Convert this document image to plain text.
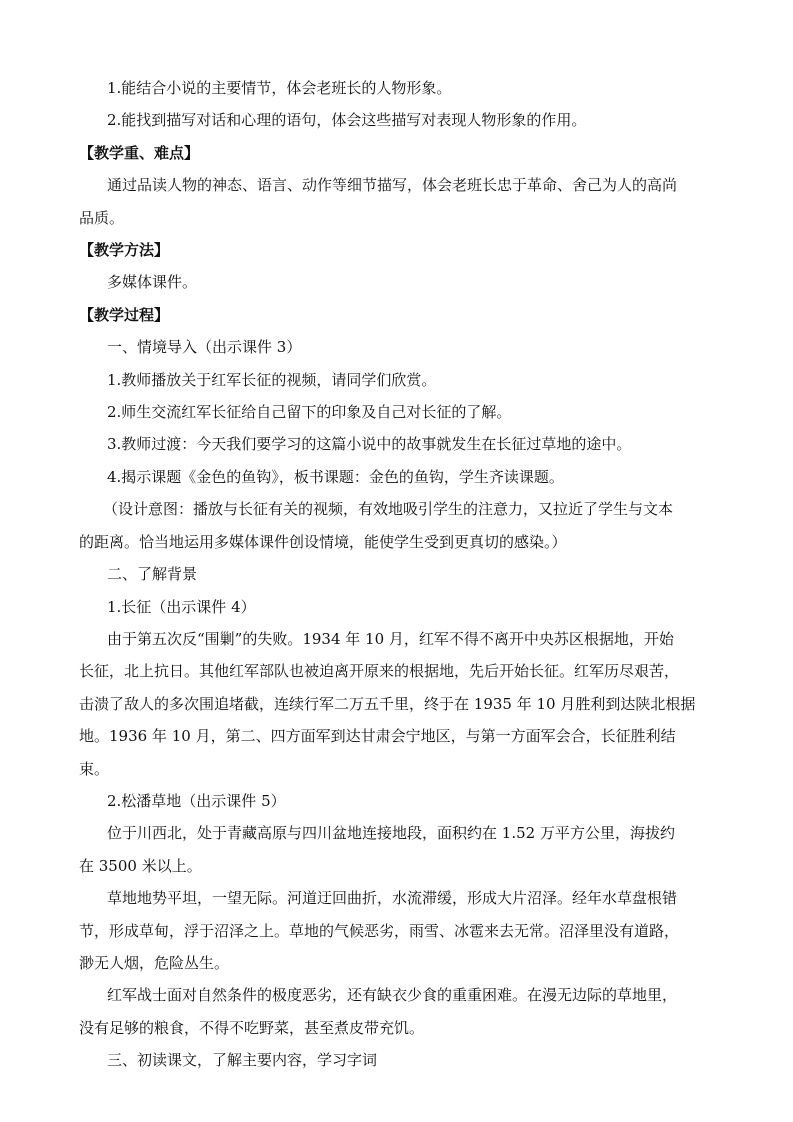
1.能结合小说的主要情节，体会老班长的人物形象。
2.能找到描写对话和心理的语句，体会这些描写对表现人物形象的作用。
【教学重、难点】
通过品读人物的神态、语言、动作等细节描写，体会老班长忠于革命、舍己为人的高尚
品质。
【教学方法】
多媒体课件。
【教学过程】
一、情境导入（出示课件 3）
1.教师播放关于红军长征的视频，请同学们欣赏。
2.师生交流红军长征给自己留下的印象及自己对长征的了解。
3.教师过渡：今天我们要学习的这篇小说中的故事就发生在长征过草地的途中。
4.揭示课题《金色的鱼钩》，板书课题：金色的鱼钩，学生齐读课题。
（设计意图：播放与长征有关的视频，有效地吸引学生的注意力，又拉近了学生与文本
的距离。恰当地运用多媒体课件创设情境，能使学生受到更真切的感染。）
二、了解背景
1.长征（出示课件 4）
由于第五次反“围剿”的失败。1934 年 10 月，红军不得不离开中央苏区根据地，开始
长征，北上抗日。其他红军部队也被迫离开原来的根据地，先后开始长征。红军历尽艰苦，
击溃了敌人的多次围追堵截，连续行军二万五千里，终于在 1935 年 10 月胜利到达陕北根据
地。1936 年 10 月，第二、四方面军到达甘肃会宁地区，与第一方面军会合，长征胜利结
束。
2.松潘草地（出示课件 5）
位于川西北，处于青藏高原与四川盆地连接地段，面积约在 1.52 万平方公里，海拔约
在 3500 米以上。
草地地势平坦，一望无际。河道迂回曲折，水流滞缓，形成大片沼泽。经年水草盘根错
节，形成草甸，浮于沼泽之上。草地的气候恶劣，雨雪、冰雹来去无常。沼泽里没有道路，
渺无人烟，危险丛生。
红军战士面对自然条件的极度恶劣，还有缺衣少食的重重困难。在漫无边际的草地里，
没有足够的粮食，不得不吃野菜，甚至煮皮带充饥。
三、初读课文，了解主要内容，学习字词
